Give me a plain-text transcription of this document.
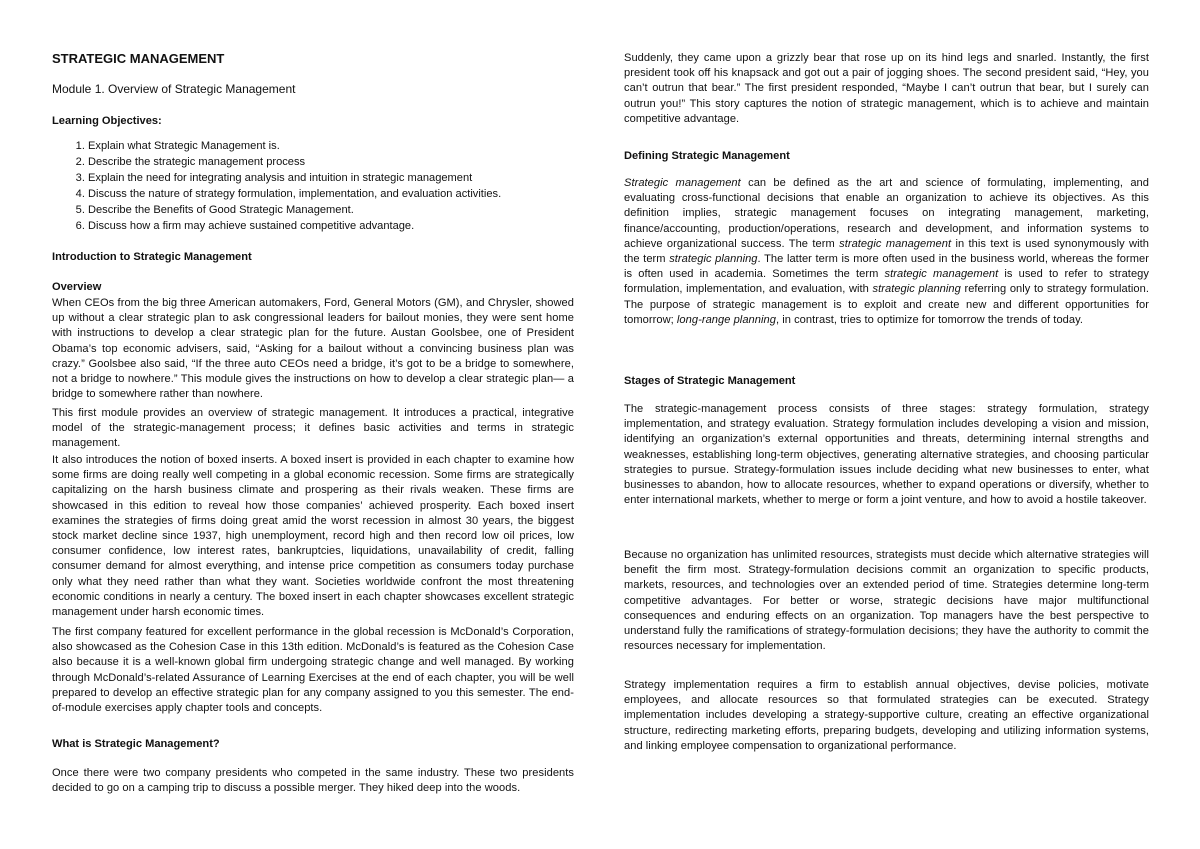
STRATEGIC MANAGEMENT
Module 1. Overview of Strategic Management
Learning Objectives:
1. Explain what Strategic Management is.
2. Describe the strategic management process
3. Explain the need for integrating analysis and intuition in strategic management
4. Discuss the nature of strategy formulation, implementation, and evaluation activities.
5. Describe the Benefits of Good Strategic Management.
6. Discuss how a firm may achieve sustained competitive advantage.
Introduction to Strategic Management
Overview

When CEOs from the big three American automakers, Ford, General Motors (GM), and Chrysler, showed up without a clear strategic plan to ask congressional leaders for bailout monies, they were sent home with instructions to develop a clear strategic plan for the future. Austan Goolsbee, one of President Obama’s top economic advisers, said, “Asking for a bailout without a convincing business plan was crazy.” Goolsbee also said, “If the three auto CEOs need a bridge, it’s got to be a bridge to somewhere, not a bridge to nowhere.” This module gives the instructions on how to develop a clear strategic plan— a bridge to somewhere rather than nowhere.

This first module provides an overview of strategic management. It introduces a practical, integrative model of the strategic-management process; it defines basic activities and terms in strategic management.

It also introduces the notion of boxed inserts. A boxed insert is provided in each chapter to examine how some firms are doing really well competing in a global economic recession. Some firms are strategically capitalizing on the harsh business climate and prospering as their rivals weaken. These firms are showcased in this edition to reveal how those companies’ achieved prosperity. Each boxed insert examines the strategies of firms doing great amid the worst recession in almost 30 years, the biggest stock market decline since 1937, high unemployment, record high and then record low oil prices, low consumer confidence, low interest rates, bankruptcies, liquidations, unavailability of credit, falling consumer demand for almost everything, and intense price competition as consumers today purchase only what they need rather than what they want. Societies worldwide confront the most threatening economic conditions in nearly a century. The boxed insert in each chapter showcases excellent strategic management under harsh economic times.

The first company featured for excellent performance in the global recession is McDonald’s Corporation, also showcased as the Cohesion Case in this 13th edition. McDonald’s is featured as the Cohesion Case also because it is a well-known global firm undergoing strategic change and well managed. By working through McDonald’s-related Assurance of Learning Exercises at the end of each chapter, you will be well prepared to develop an effective strategic plan for any company assigned to you this semester. The end-of-module exercises apply chapter tools and concepts.

What is Strategic Management?

Once there were two company presidents who competed in the same industry. These two presidents decided to go on a camping trip to discuss a possible merger. They hiked deep into the woods.

Suddenly, they came upon a grizzly bear that rose up on its hind legs and snarled. Instantly, the first president took off his knapsack and got out a pair of jogging shoes. The second president said, “Hey, you can’t outrun that bear.” The first president responded, “Maybe I can’t outrun that bear, but I surely can outrun you!” This story captures the notion of strategic management, which is to achieve and maintain competitive advantage.

Defining Strategic Management

Strategic management can be defined as the art and science of formulating, implementing, and evaluating cross-functional decisions that enable an organization to achieve its objectives. As this definition implies, strategic management focuses on integrating management, marketing, finance/accounting, production/operations, research and development, and information systems to achieve organizational success. The term strategic management in this text is used synonymously with the term strategic planning. The latter term is more often used in the business world, whereas the former is often used in academia. Sometimes the term strategic management is used to refer to strategy formulation, implementation, and evaluation, with strategic planning referring only to strategy formulation. The purpose of strategic management is to exploit and create new and different opportunities for tomorrow; long-range planning, in contrast, tries to optimize for tomorrow the trends of today.

Stages of Strategic Management

The strategic-management process consists of three stages: strategy formulation, strategy implementation, and strategy evaluation. Strategy formulation includes developing a vision and mission, identifying an organization’s external opportunities and threats, determining internal strengths and weaknesses, establishing long-term objectives, generating alternative strategies, and choosing particular strategies to pursue. Strategy-formulation issues include deciding what new businesses to enter, what businesses to abandon, how to allocate resources, whether to expand operations or diversify, whether to enter international markets, whether to merge or form a joint venture, and how to avoid a hostile takeover.

Because no organization has unlimited resources, strategists must decide which alternative strategies will benefit the firm most. Strategy-formulation decisions commit an organization to specific products, markets, resources, and technologies over an extended period of time. Strategies determine long-term competitive advantages. For better or worse, strategic decisions have major multifunctional consequences and enduring effects on an organization. Top managers have the best perspective to understand fully the ramifications of strategy-formulation decisions; they have the authority to commit the resources necessary for implementation.

Strategy implementation requires a firm to establish annual objectives, devise policies, motivate employees, and allocate resources so that formulated strategies can be executed. Strategy implementation includes developing a strategy-supportive culture, creating an effective organizational structure, redirecting marketing efforts, preparing budgets, developing and utilizing information systems, and linking employee compensation to organizational performance.
